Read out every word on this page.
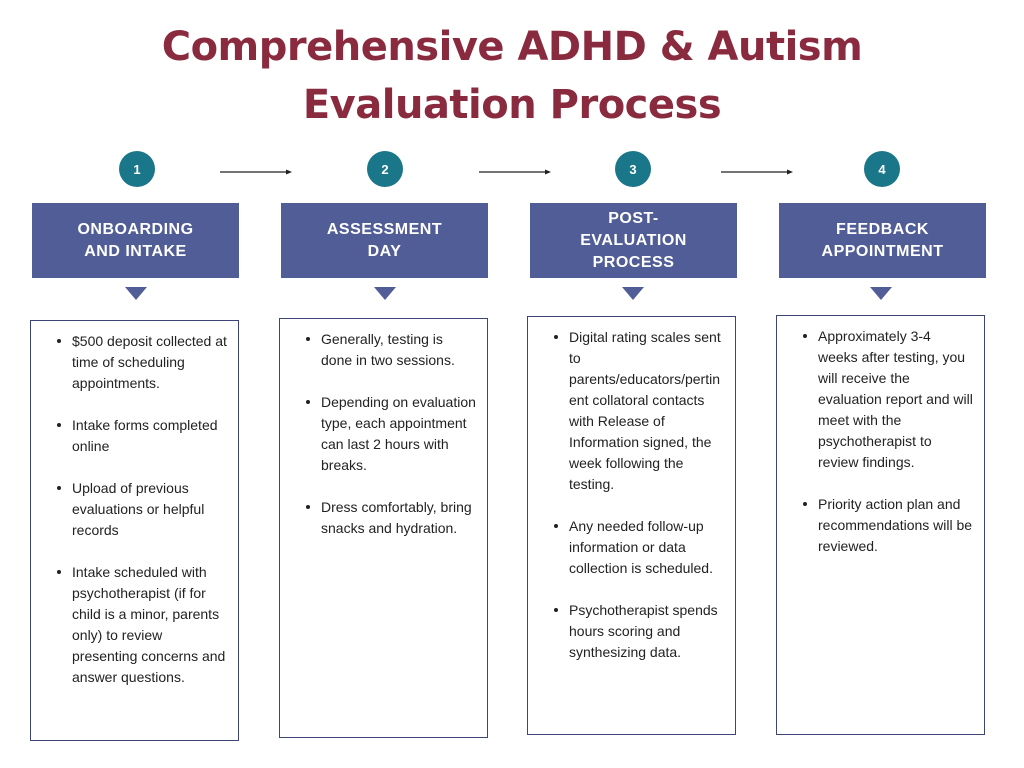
Comprehensive ADHD & Autism
Evaluation Process
1	2	3	4
ONBOARDING AND INTAKE
ASSESSMENT DAY
POST-EVALUATION PROCESS
FEEDBACK APPOINTMENT
$500 deposit collected at time of scheduling appointments.
Intake forms completed online
Upload of previous evaluations or helpful records
Intake scheduled with psychotherapist (if for child is a minor, parents only) to review presenting concerns and answer questions.
Generally, testing is done in two sessions.
Depending on evaluation type, each appointment can last 2 hours with breaks.
Dress comfortably, bring snacks and hydration.
Digital rating scales sent to parents/educators/pertinent collatoral contacts with Release of Information signed, the week following the testing.
Any needed follow-up information or data collection is scheduled.
Psychotherapist spends hours scoring and synthesizing data.
Approximately 3-4 weeks after testing, you will receive the evaluation report and will meet with the psychotherapist to review findings.
Priority action plan and recommendations will be reviewed.
